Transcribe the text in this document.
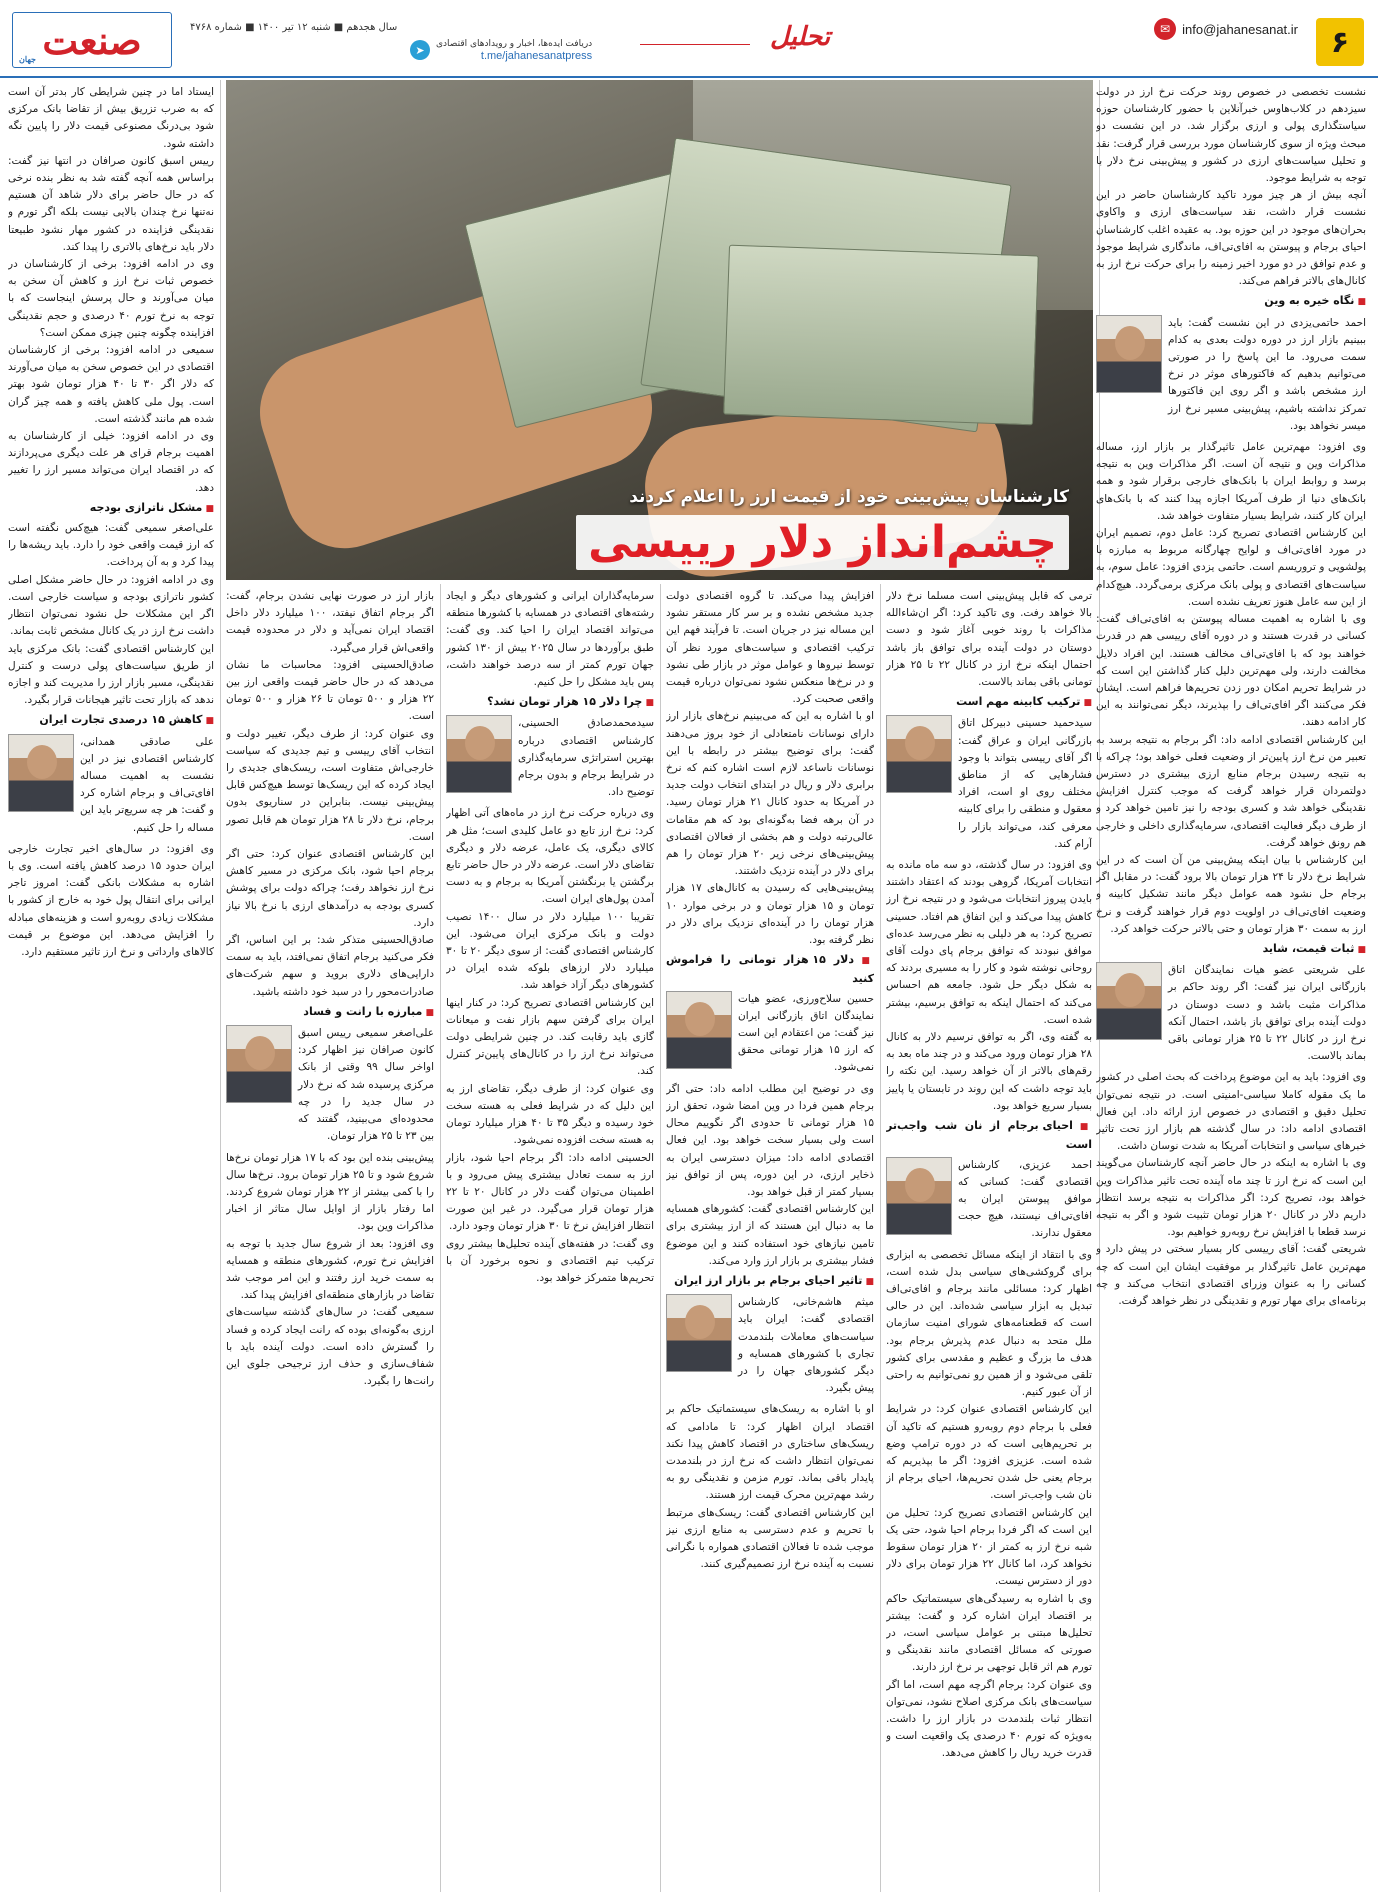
۶
✉ info@jahanesanat.ir
تحلیل
دریافت ایده‌ها، اخبار و رویدادهای اقتصادی
t.me/jahanesanatpress
➤
سال هجدهم ■ شنبه ۱۲ تیر ۱۴۰۰ ■ شماره ۴۷۶۸
صنعت
جهان
کارشناسان پیش‌بینی خود از قیمت ارز را اعلام کردند
چشم‌انداز دلار رییسی

نشست تخصصی در خصوص روند حرکت نرخ ارز در دولت سیزدهم در کلاب‌هاوس خبرآنلاین با حضور کارشناسان حوزه سیاستگذاری پولی و ارزی برگزار شد. در این نشست دو مبحث ویژه از سوی کارشناسان مورد بررسی قرار گرفت: نقد و تحلیل سیاست‌های ارزی در کشور و پیش‌بینی نرخ دلار با توجه به شرایط موجود.

آنچه بیش از هر چیز مورد تاکید کارشناسان حاضر در این نشست قرار داشت، نقد سیاست‌های ارزی و واکاوی بحران‌های موجود در این حوزه بود. به عقیده اغلب کارشناسان احیای برجام و پیوستن به افای‌تی‌اف، ماندگاری شرایط موجود و عدم توافق در دو مورد اخیر زمینه را برای حرکت نرخ ارز به کانال‌های بالاتر فراهم می‌کند.

■ نگاه خیره به وین

احمد حاتمی‌یزدی در این نشست گفت: باید ببینیم بازار ارز در دوره دولت بعدی به کدام سمت می‌رود. ما این پاسخ را در صورتی می‌توانیم بدهیم که فاکتورهای موثر در نرخ ارز مشخص باشد و اگر روی این فاکتورها تمرکز نداشته باشیم، پیش‌بینی مسیر نرخ ارز میسر نخواهد بود.

وی افزود: مهم‌ترین عامل تاثیرگذار بر بازار ارز، مساله مذاکرات وین و نتیجه آن است. اگر مذاکرات وین به نتیجه برسد و روابط ایران با بانک‌های خارجی برقرار شود و همه بانک‌های دنیا از طرف آمریکا اجازه پیدا کنند که با بانک‌های ایران کار کنند، شرایط بسیار متفاوت خواهد شد.

این کارشناس اقتصادی تصریح کرد: عامل دوم، تصمیم ایران در مورد افای‌تی‌اف و لوایح چهارگانه مربوط به مبارزه با پولشویی و تروریسم است. حاتمی یزدی افزود: عامل سوم، به سیاست‌های اقتصادی و پولی بانک مرکزی برمی‌گردد. هیچ‌کدام از این سه عامل هنوز تعریف نشده است.

وی با اشاره به اهمیت مساله پیوستن به افای‌تی‌اف گفت: کسانی در قدرت هستند و در دوره آقای رییسی هم در قدرت خواهند بود که با افای‌تی‌اف مخالف هستند. این افراد دلایل مخالفت دارند، ولی مهم‌ترین دلیل کنار گذاشتن این است که در شرایط تحریم امکان دور زدن تحریم‌ها فراهم است. ایشان فکر می‌کنند اگر افای‌تی‌اف را بپذیرند، دیگر نمی‌توانند به این کار ادامه دهند.

این کارشناس اقتصادی ادامه داد: اگر برجام به نتیجه برسد به تعبیر من نرخ ارز پایین‌تر از وضعیت فعلی خواهد بود؛ چراکه با به نتیجه رسیدن برجام منابع ارزی بیشتری در دسترس دولتمردان قرار خواهد گرفت که موجب کنترل افزایش نقدینگی خواهد شد و کسری بودجه را نیز تامین خواهد کرد و از طرف دیگر فعالیت اقتصادی، سرمایه‌گذاری داخلی و خارجی هم رونق خواهد گرفت.

این کارشناس با بیان اینکه پیش‌بینی من آن است که در این شرایط نرخ دلار تا ۲۴ هزار تومان بالا برود گفت: در مقابل اگر برجام حل نشود همه عوامل دیگر مانند تشکیل کابینه و وضعیت افای‌تی‌اف در اولویت دوم قرار خواهند گرفت و نرخ ارز به سمت ۳۰ هزار تومان و حتی بالاتر حرکت خواهد کرد.

■ ثبات قیمت، شاید

علی شریعتی عضو هیات نمایندگان اتاق بازرگانی ایران نیز گفت: اگر روند حاکم بر مذاکرات مثبت باشد و دست دوستان در دولت آینده برای توافق باز باشد، احتمال آنکه نرخ ارز در کانال ۲۲ تا ۲۵ هزار تومانی باقی بماند بالاست.

وی افزود: باید به این موضوع پرداخت که بحث اصلی در کشور ما یک مقوله کاملا سیاسی-امنیتی است. در نتیجه نمی‌توان تحلیل دقیق و اقتصادی در خصوص ارز ارائه داد. این فعال اقتصادی ادامه داد: در سال گذشته هم بازار ارز تحت تاثیر خبرهای سیاسی و انتخابات آمریکا به شدت نوسان داشت.

وی با اشاره به اینکه در حال حاضر آنچه کارشناسان می‌گویند این است که نرخ ارز تا چند ماه آینده تحت تاثیر مذاکرات وین خواهد بود، تصریح کرد: اگر مذاکرات به نتیجه برسد انتظار داریم دلار در کانال ۲۰ هزار تومان تثبیت شود و اگر به نتیجه نرسد قطعا با افزایش نرخ روبه‌رو خواهیم بود.

شریعتی گفت: آقای رییسی کار بسیار سختی در پیش دارد و مهم‌ترین عامل تاثیرگذار بر موفقیت ایشان این است که چه کسانی را به عنوان وزرای اقتصادی انتخاب می‌کند و چه برنامه‌ای برای مهار تورم و نقدینگی در نظر خواهد گرفت.

ترمی که قابل پیش‌بینی است مسلما نرخ دلار بالا خواهد رفت. وی تاکید کرد: اگر ان‌شاءالله مذاکرات با روند خوبی آغاز شود و دست دوستان در دولت آینده برای توافق باز باشد احتمال اینکه نرخ ارز در کانال ۲۲ تا ۲۵ هزار تومانی باقی بماند بالاست.

■ ترکیب کابینه مهم است

سیدحمید حسینی دبیرکل اتاق بازرگانی ایران و عراق گفت: اگر آقای رییسی بتواند با وجود فشارهایی که از مناطق مختلف روی او است، افراد معقول و منطقی را برای کابینه معرفی کند، می‌تواند بازار را آرام کند.

وی افزود: در سال گذشته، دو سه ماه مانده به انتخابات آمریکا، گروهی بودند که اعتقاد داشتند بایدن پیروز انتخابات می‌شود و در نتیجه نرخ ارز کاهش پیدا می‌کند و این اتفاق هم افتاد. حسینی تصریح کرد: به هر دلیلی به نظر می‌رسد عده‌ای موافق نبودند که توافق برجام پای دولت آقای روحانی نوشته شود و کار را به مسیری بردند که به شکل دیگر حل شود. جامعه هم احساس می‌کند که احتمال اینکه به توافق برسیم، بیشتر شده است.

به گفته وی، اگر به توافق نرسیم دلار به کانال ۲۸ هزار تومان ورود می‌کند و در چند ماه بعد به رقم‌های بالاتر از آن خواهد رسید. این نکته را باید توجه داشت که این روند در تابستان یا پاییز بسیار سریع خواهد بود.

■ احیای برجام از نان شب واجب‌تر است

احمد عزیزی، کارشناس اقتصادی گفت: کسانی که موافق پیوستن ایران به افای‌تی‌اف نیستند، هیچ حجت معقول ندارند.

وی با انتقاد از اینکه مسائل تخصصی به ابزاری برای گروکشی‌های سیاسی بدل شده است، اظهار کرد: مسائلی مانند برجام و افای‌تی‌اف تبدیل به ابزار سیاسی شده‌اند. این در حالی است که قطعنامه‌های شورای امنیت سازمان ملل متحد به دنبال عدم پذیرش برجام بود. هدف ما بزرگ و عظیم و مقدسی برای کشور تلقی می‌شود و از همین رو نمی‌توانیم به راحتی از آن عبور کنیم.

این کارشناس اقتصادی عنوان کرد: در شرایط فعلی با برجام دوم روبه‌رو هستیم که تاکید آن بر تحریم‌هایی است که در دوره ترامپ وضع شده است. عزیزی افزود: اگر ما بپذیریم که برجام یعنی حل شدن تحریم‌ها، احیای برجام از نان شب واجب‌تر است.

این کارشناس اقتصادی تصریح کرد: تحلیل من این است که اگر فردا برجام احیا شود، حتی یک شبه نرخ ارز به کمتر از ۲۰ هزار تومان سقوط نخواهد کرد، اما کانال ۲۲ هزار تومان برای دلار دور از دسترس نیست.

وی با اشاره به رسیدگی‌های سیستماتیک حاکم بر اقتصاد ایران اشاره کرد و گفت: بیشتر تحلیل‌ها مبتنی بر عوامل سیاسی است، در صورتی که مسائل اقتصادی مانند نقدینگی و تورم هم اثر قابل توجهی بر نرخ ارز دارند.

وی عنوان کرد: برجام اگرچه مهم است، اما اگر سیاست‌های بانک مرکزی اصلاح نشود، نمی‌توان انتظار ثبات بلندمدت در بازار ارز را داشت. به‌ویژه که تورم ۴۰ درصدی یک واقعیت است و قدرت خرید ریال را کاهش می‌دهد.

افزایش پیدا می‌کند. تا گروه اقتصادی دولت جدید مشخص نشده و بر سر کار مستقر نشود این مساله نیز در جریان است. تا فرآیند فهم این ترکیب اقتصادی و سیاست‌های مورد نظر آن توسط نیروها و عوامل موثر در بازار طی نشود و در نرخ‌ها منعکس نشود نمی‌توان درباره قیمت واقعی صحبت کرد.

او با اشاره به این که می‌بینیم نرخ‌های بازار ارز دارای نوسانات نامتعادلی از خود بروز می‌دهند گفت: برای توضیح بیشتر در رابطه با این نوسانات ناساعد لازم است اشاره کنم که نرخ برابری دلار و ریال در ابتدای انتخاب دولت جدید در آمریکا به حدود کانال ۲۱ هزار تومان رسید. در آن برهه فضا به‌گونه‌ای بود که هم مقامات عالی‌رتبه دولت و هم بخشی از فعالان اقتصادی پیش‌بینی‌های نرخی زیر ۲۰ هزار تومان را هم برای دلار در آینده نزدیک داشتند.

پیش‌بینی‌هایی که رسیدن به کانال‌های ۱۷ هزار تومان و ۱۵ هزار تومان و در برخی موارد ۱۰ هزار تومان را در آینده‌ای نزدیک برای دلار در نظر گرفته بود.

■ دلار ۱۵ هزار تومانی را فراموش کنید

حسین سلاح‌ورزی، عضو هیات نمایندگان اتاق بازرگانی ایران نیز گفت: من اعتقادم این است که ارز ۱۵ هزار تومانی محقق نمی‌شود.

وی در توضیح این مطلب ادامه داد: حتی اگر برجام همین فردا در وین امضا شود، تحقق ارز ۱۵ هزار تومانی تا حدودی اگر نگوییم محال است ولی بسیار سخت خواهد بود. این فعال اقتصادی ادامه داد: میزان دسترسی ایران به ذخایر ارزی، در این دوره، پس از توافق نیز بسیار کمتر از قبل خواهد بود.

این کارشناس اقتصادی گفت: کشورهای همسایه ما به دنبال این هستند که از ارز بیشتری برای تامین نیازهای خود استفاده کنند و این موضوع فشار بیشتری بر بازار ارز وارد می‌کند.

■ تاثیر احیای برجام بر بازار ارز ایران

میثم هاشم‌خانی، کارشناس اقتصادی گفت: ایران باید سیاست‌های معاملات بلندمدت تجاری با کشورهای همسایه و دیگر کشورهای جهان را در پیش بگیرد.

او با اشاره به ریسک‌های سیستماتیک حاکم بر اقتصاد ایران اظهار کرد: تا مادامی که ریسک‌های ساختاری در اقتصاد کاهش پیدا نکند نمی‌توان انتظار داشت که نرخ ارز در بلندمدت پایدار باقی بماند. تورم مزمن و نقدینگی رو به رشد مهم‌ترین محرک قیمت ارز هستند.

این کارشناس اقتصادی گفت: ریسک‌های مرتبط با تحریم و عدم دسترسی به منابع ارزی نیز موجب شده تا فعالان اقتصادی همواره با نگرانی نسبت به آینده نرخ ارز تصمیم‌گیری کنند.

سرمایه‌گذاران ایرانی و کشورهای دیگر و ایجاد رشته‌های اقتصادی در همسایه با کشورها منطقه می‌تواند اقتصاد ایران را احیا کند. وی گفت: طبق برآوردها در سال ۲۰۲۵ بیش از ۱۳۰ کشور جهان تورم کمتر از سه درصد خواهند داشت، پس باید مشکل را حل کنیم.

■ چرا دلار ۱۵ هزار تومان نشد؟

سیدمحمدصادق الحسینی، کارشناس اقتصادی درباره بهترین استراتژی سرمایه‌گذاری در شرایط برجام و بدون برجام توضیح داد.

وی درباره حرکت نرخ ارز در ماه‌های آتی اظهار کرد: نرخ ارز تابع دو عامل کلیدی است؛ مثل هر کالای دیگری، یک عامل، عرضه دلار و دیگری تقاضای دلار است. عرضه دلار در حال حاضر تابع برگشتن یا برنگشتن آمریکا به برجام و به دست آمدن پول‌های ایران است.

تقریبا ۱۰۰ میلیارد دلار در سال ۱۴۰۰ نصیب دولت و بانک مرکزی ایران می‌شود. این کارشناس اقتصادی گفت: از سوی دیگر ۲۰ تا ۳۰ میلیارد دلار ارزهای بلوکه شده ایران در کشورهای دیگر آزاد خواهد شد.

این کارشناس اقتصادی تصریح کرد: در کنار اینها ایران برای گرفتن سهم بازار نفت و میعانات گازی باید رقابت کند. در چنین شرایطی دولت می‌تواند نرخ ارز را در کانال‌های پایین‌تر کنترل کند.

وی عنوان کرد: از طرف دیگر، تقاضای ارز به این دلیل که در شرایط فعلی به هسته سخت خود رسیده و دیگر ۳۵ تا ۴۰ هزار میلیارد تومان به هسته سخت افزوده نمی‌شود.

الحسینی ادامه داد: اگر برجام احیا شود، بازار ارز به سمت تعادل بیشتری پیش می‌رود و با اطمینان می‌توان گفت دلار در کانال ۲۰ تا ۲۲ هزار تومان قرار می‌گیرد. در غیر این صورت انتظار افزایش نرخ تا ۳۰ هزار تومان وجود دارد.

وی گفت: در هفته‌های آینده تحلیل‌ها بیشتر روی ترکیب تیم اقتصادی و نحوه برخورد آن با تحریم‌ها متمرکز خواهد بود.

بازار ارز در صورت نهایی نشدن برجام، گفت: اگر برجام اتفاق نیفتد، ۱۰۰ میلیارد دلار داخل اقتصاد ایران نمی‌آید و دلار در محدوده قیمت واقعی‌اش قرار می‌گیرد.

صادق‌الحسینی افزود: محاسبات ما نشان می‌دهد که در حال حاضر قیمت واقعی ارز بین ۲۲ هزار و ۵۰۰ تومان تا ۲۶ هزار و ۵۰۰ تومان است.

وی عنوان کرد: از طرف دیگر، تغییر دولت و انتخاب آقای رییسی و تیم جدیدی که سیاست خارجی‌اش متفاوت است، ریسک‌های جدیدی را ایجاد کرده که این ریسک‌ها توسط هیچ‌کس قابل پیش‌بینی نیست. بنابراین در سناریوی بدون برجام، نرخ دلار تا ۲۸ هزار تومان هم قابل تصور است.

این کارشناس اقتصادی عنوان کرد: حتی اگر برجام احیا شود، بانک مرکزی در مسیر کاهش نرخ ارز نخواهد رفت؛ چراکه دولت برای پوشش کسری بودجه به درآمدهای ارزی با نرخ بالا نیاز دارد.

صادق‌الحسینی متذکر شد: بر این اساس، اگر فکر می‌کنید برجام اتفاق نمی‌افتد، باید به سمت دارایی‌های دلاری بروید و سهم شرکت‌های صادرات‌محور را در سبد خود داشته باشید.

■ مبارزه با رانت و فساد

علی‌اصغر سمیعی رییس اسبق کانون صرافان نیز اظهار کرد: اواخر سال ۹۹ وقتی از بانک مرکزی پرسیده شد که نرخ دلار در سال جدید را در چه محدوده‌ای می‌بینید، گفتند که بین ۲۳ تا ۲۵ هزار تومان.

پیش‌بینی بنده این بود که با ۱۷ هزار تومان نرخ‌ها شروع شود و تا ۲۵ هزار تومان برود. نرخ‌ها سال را با کمی بیشتر از ۲۲ هزار تومان شروع کردند. اما رفتار بازار از اوایل سال متاثر از اخبار مذاکرات وین بود.

وی افزود: بعد از شروع سال جدید با توجه به افزایش نرخ تورم، کشورهای منطقه و همسایه به سمت خرید ارز رفتند و این امر موجب شد تقاضا در بازارهای منطقه‌ای افزایش پیدا کند.

سمیعی گفت: در سال‌های گذشته سیاست‌های ارزی به‌گونه‌ای بوده که رانت ایجاد کرده و فساد را گسترش داده است. دولت آینده باید با شفاف‌سازی و حذف ارز ترجیحی جلوی این رانت‌ها را بگیرد.

ایستاد اما در چنین شرایطی کار بدتر آن است که به ضرب تزریق بیش از تقاضا بانک مرکزی شود بی‌درنگ مصنوعی قیمت دلار را پایین نگه داشته شود.

رییس اسبق کانون صرافان در انتها نیز گفت: براساس همه آنچه گفته شد به نظر بنده نرخی که در حال حاضر برای دلار شاهد آن هستیم نه‌تنها نرخ چندان بالایی نیست بلکه اگر تورم و نقدینگی فزاینده در کشور مهار نشود طبیعتا دلار باید نرخ‌های بالاتری را پیدا کند.

وی در ادامه افزود: برخی از کارشناسان در خصوص ثبات نرخ ارز و کاهش آن سخن به میان می‌آورند و حال پرسش اینجاست که با توجه به نرخ تورم ۴۰ درصدی و حجم نقدینگی افزاینده چگونه چنین چیزی ممکن است؟

سمیعی در ادامه افزود: برخی از کارشناسان اقتصادی در این خصوص سخن به میان می‌آورند که دلار اگر ۳۰ تا ۴۰ هزار تومان شود بهتر است. پول ملی کاهش یافته و همه چیز گران شده هم مانند گذشته است.

وی در ادامه افزود: خیلی از کارشناسان به اهمیت برجام قرای هر علت دیگری می‌پردازند که در اقتصاد ایران می‌تواند مسیر ارز را تغییر دهد.

■ مشکل ناترازی بودجه

علی‌اصغر سمیعی گفت: هیچ‌کس نگفته است که ارز قیمت واقعی خود را دارد. باید ریشه‌ها را پیدا کرد و به آن پرداخت.

وی در ادامه افزود: در حال حاضر مشکل اصلی کشور ناترازی بودجه و سیاست خارجی است. اگر این مشکلات حل نشود نمی‌توان انتظار داشت نرخ ارز در یک کانال مشخص ثابت بماند.

این کارشناس اقتصادی گفت: بانک مرکزی باید از طریق سیاست‌های پولی درست و کنترل نقدینگی، مسیر بازار ارز را مدیریت کند و اجازه ندهد که بازار تحت تاثیر هیجانات قرار بگیرد.

■ کاهش ۱۵ درصدی تجارت ایران

علی صادقی همدانی، کارشناس اقتصادی نیز در این نشست به اهمیت مساله افای‌تی‌اف و برجام اشاره کرد و گفت: هر چه سریع‌تر باید این مساله را حل کنیم.

وی افزود: در سال‌های اخیر تجارت خارجی ایران حدود ۱۵ درصد کاهش یافته است. وی با اشاره به مشکلات بانکی گفت: امروز تاجر ایرانی برای انتقال پول خود به خارج از کشور با مشکلات زیادی روبه‌رو است و هزینه‌های مبادله را افزایش می‌دهد. این موضوع بر قیمت کالاهای وارداتی و نرخ ارز تاثیر مستقیم دارد.
